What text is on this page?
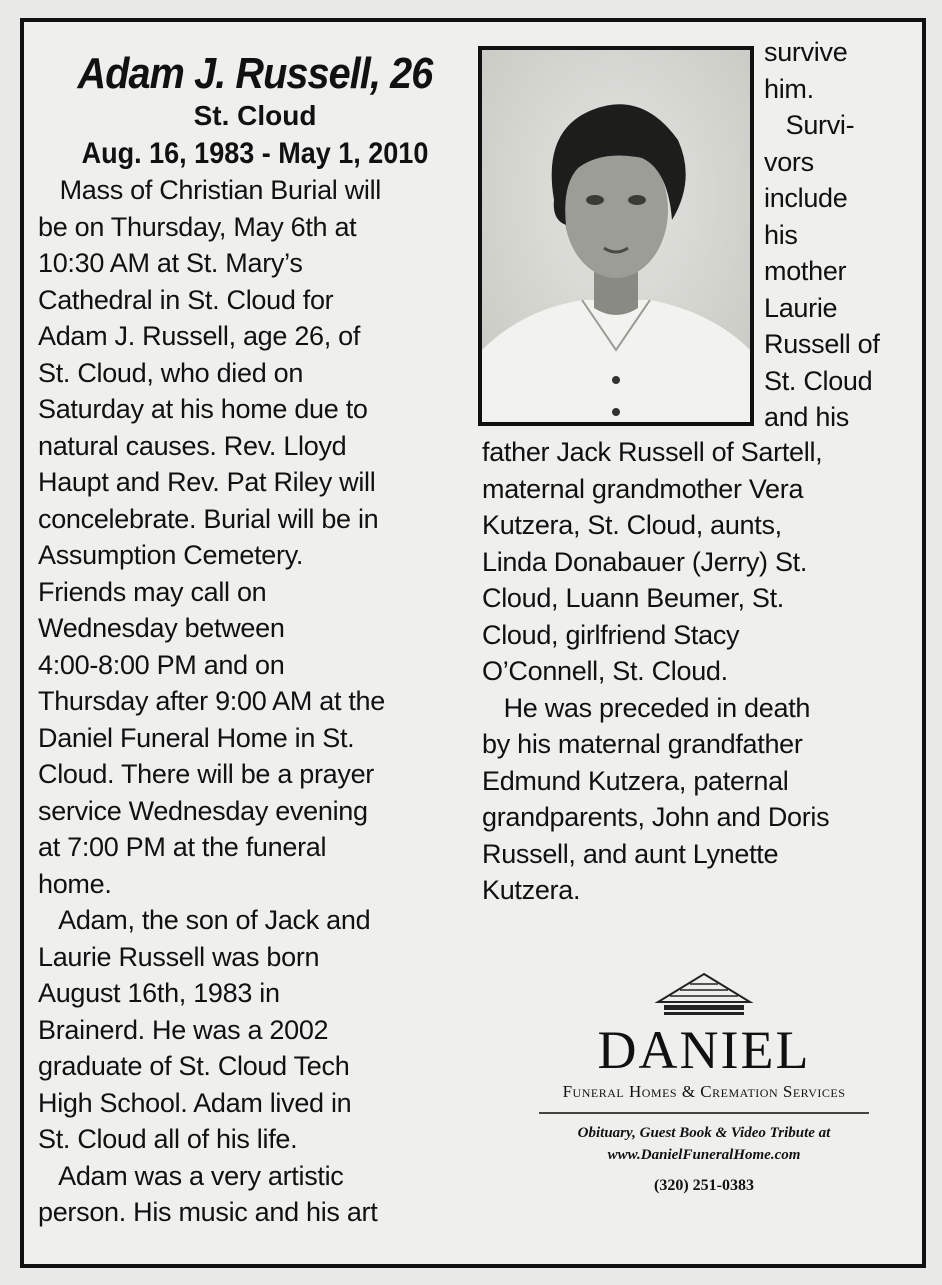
Adam J. Russell, 26
St. Cloud
Aug. 16, 1983 - May 1, 2010
Mass of Christian Burial will
be on Thursday, May 6th at
10:30 AM at St. Mary’s
Cathedral in St. Cloud for
Adam J. Russell, age 26, of
St. Cloud, who died on
Saturday at his home due to
natural causes. Rev. Lloyd
Haupt and Rev. Pat Riley will
concelebrate. Burial will be in
Assumption Cemetery.
Friends may call on
Wednesday between
4:00-8:00 PM and on
Thursday after 9:00 AM at the
Daniel Funeral Home in St.
Cloud. There will be a prayer
service Wednesday evening
at 7:00 PM at the funeral
home.
Adam, the son of Jack and
Laurie Russell was born
August 16th, 1983 in
Brainerd. He was a 2002
graduate of St. Cloud Tech
High School. Adam lived in
St. Cloud all of his life.
Adam was a very artistic
person. His music and his art
survive
him.
Survi-
vors
include
his
mother
Laurie
Russell of
St. Cloud
and his
father Jack Russell of Sartell,
maternal grandmother Vera
Kutzera, St. Cloud, aunts,
Linda Donabauer (Jerry) St.
Cloud, Luann Beumer, St.
Cloud, girlfriend Stacy
O’Connell, St. Cloud.
He was preceded in death
by his maternal grandfather
Edmund Kutzera, paternal
grandparents, John and Doris
Russell, and aunt Lynette
Kutzera.
DANIEL
Funeral Homes & Cremation Services
Obituary, Guest Book & Video Tribute at
www.DanielFuneralHome.com
(320) 251-0383
